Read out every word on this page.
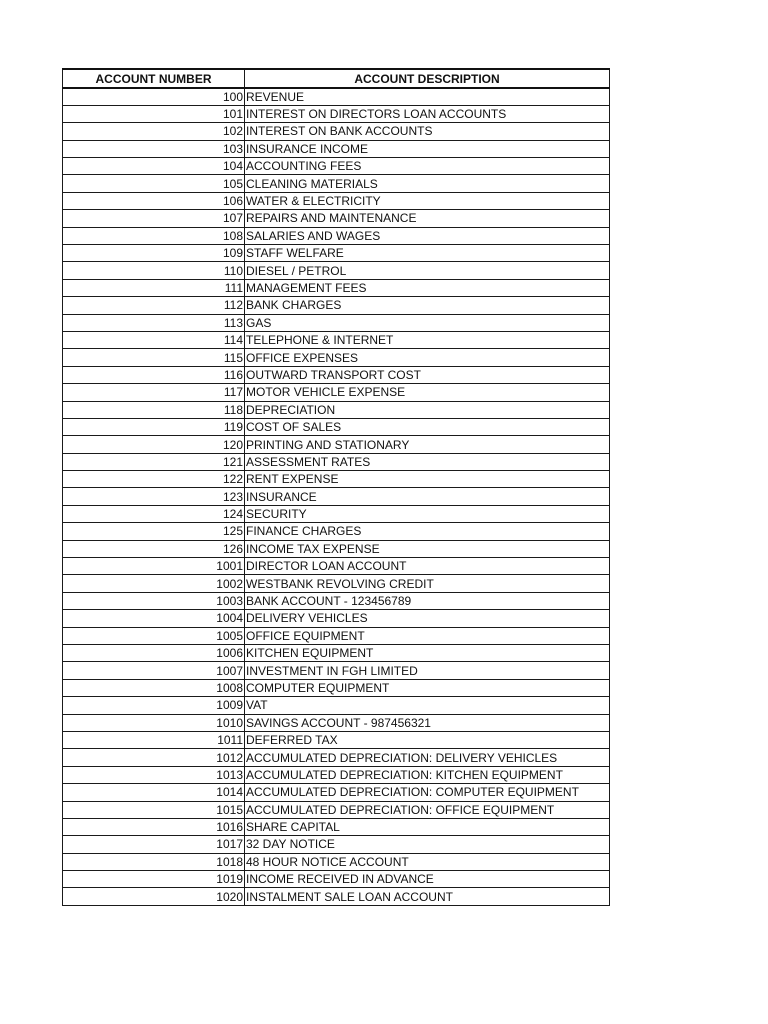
ACCOUNT NUMBER	ACCOUNT DESCRIPTION
100	REVENUE
101	INTEREST ON DIRECTORS LOAN ACCOUNTS
102	INTEREST ON BANK ACCOUNTS
103	INSURANCE INCOME
104	ACCOUNTING FEES
105	CLEANING MATERIALS
106	WATER & ELECTRICITY
107	REPAIRS AND MAINTENANCE
108	SALARIES AND WAGES
109	STAFF WELFARE
110	DIESEL / PETROL
111	MANAGEMENT FEES
112	BANK CHARGES
113	GAS
114	TELEPHONE & INTERNET
115	OFFICE EXPENSES
116	OUTWARD TRANSPORT COST
117	MOTOR VEHICLE EXPENSE
118	DEPRECIATION
119	COST OF SALES
120	PRINTING AND STATIONARY
121	ASSESSMENT RATES
122	RENT EXPENSE
123	INSURANCE
124	SECURITY
125	FINANCE CHARGES
126	INCOME TAX EXPENSE
1001	DIRECTOR LOAN ACCOUNT
1002	WESTBANK REVOLVING CREDIT
1003	BANK ACCOUNT - 123456789
1004	DELIVERY VEHICLES
1005	OFFICE EQUIPMENT
1006	KITCHEN EQUIPMENT
1007	INVESTMENT IN FGH LIMITED
1008	COMPUTER EQUIPMENT
1009	VAT
1010	SAVINGS ACCOUNT - 987456321
1011	DEFERRED TAX
1012	ACCUMULATED DEPRECIATION: DELIVERY VEHICLES
1013	ACCUMULATED DEPRECIATION: KITCHEN EQUIPMENT
1014	ACCUMULATED DEPRECIATION: COMPUTER EQUIPMENT
1015	ACCUMULATED DEPRECIATION: OFFICE EQUIPMENT
1016	SHARE CAPITAL
1017	32 DAY NOTICE
1018	48 HOUR NOTICE ACCOUNT
1019	INCOME RECEIVED IN ADVANCE
1020	INSTALMENT SALE LOAN ACCOUNT
